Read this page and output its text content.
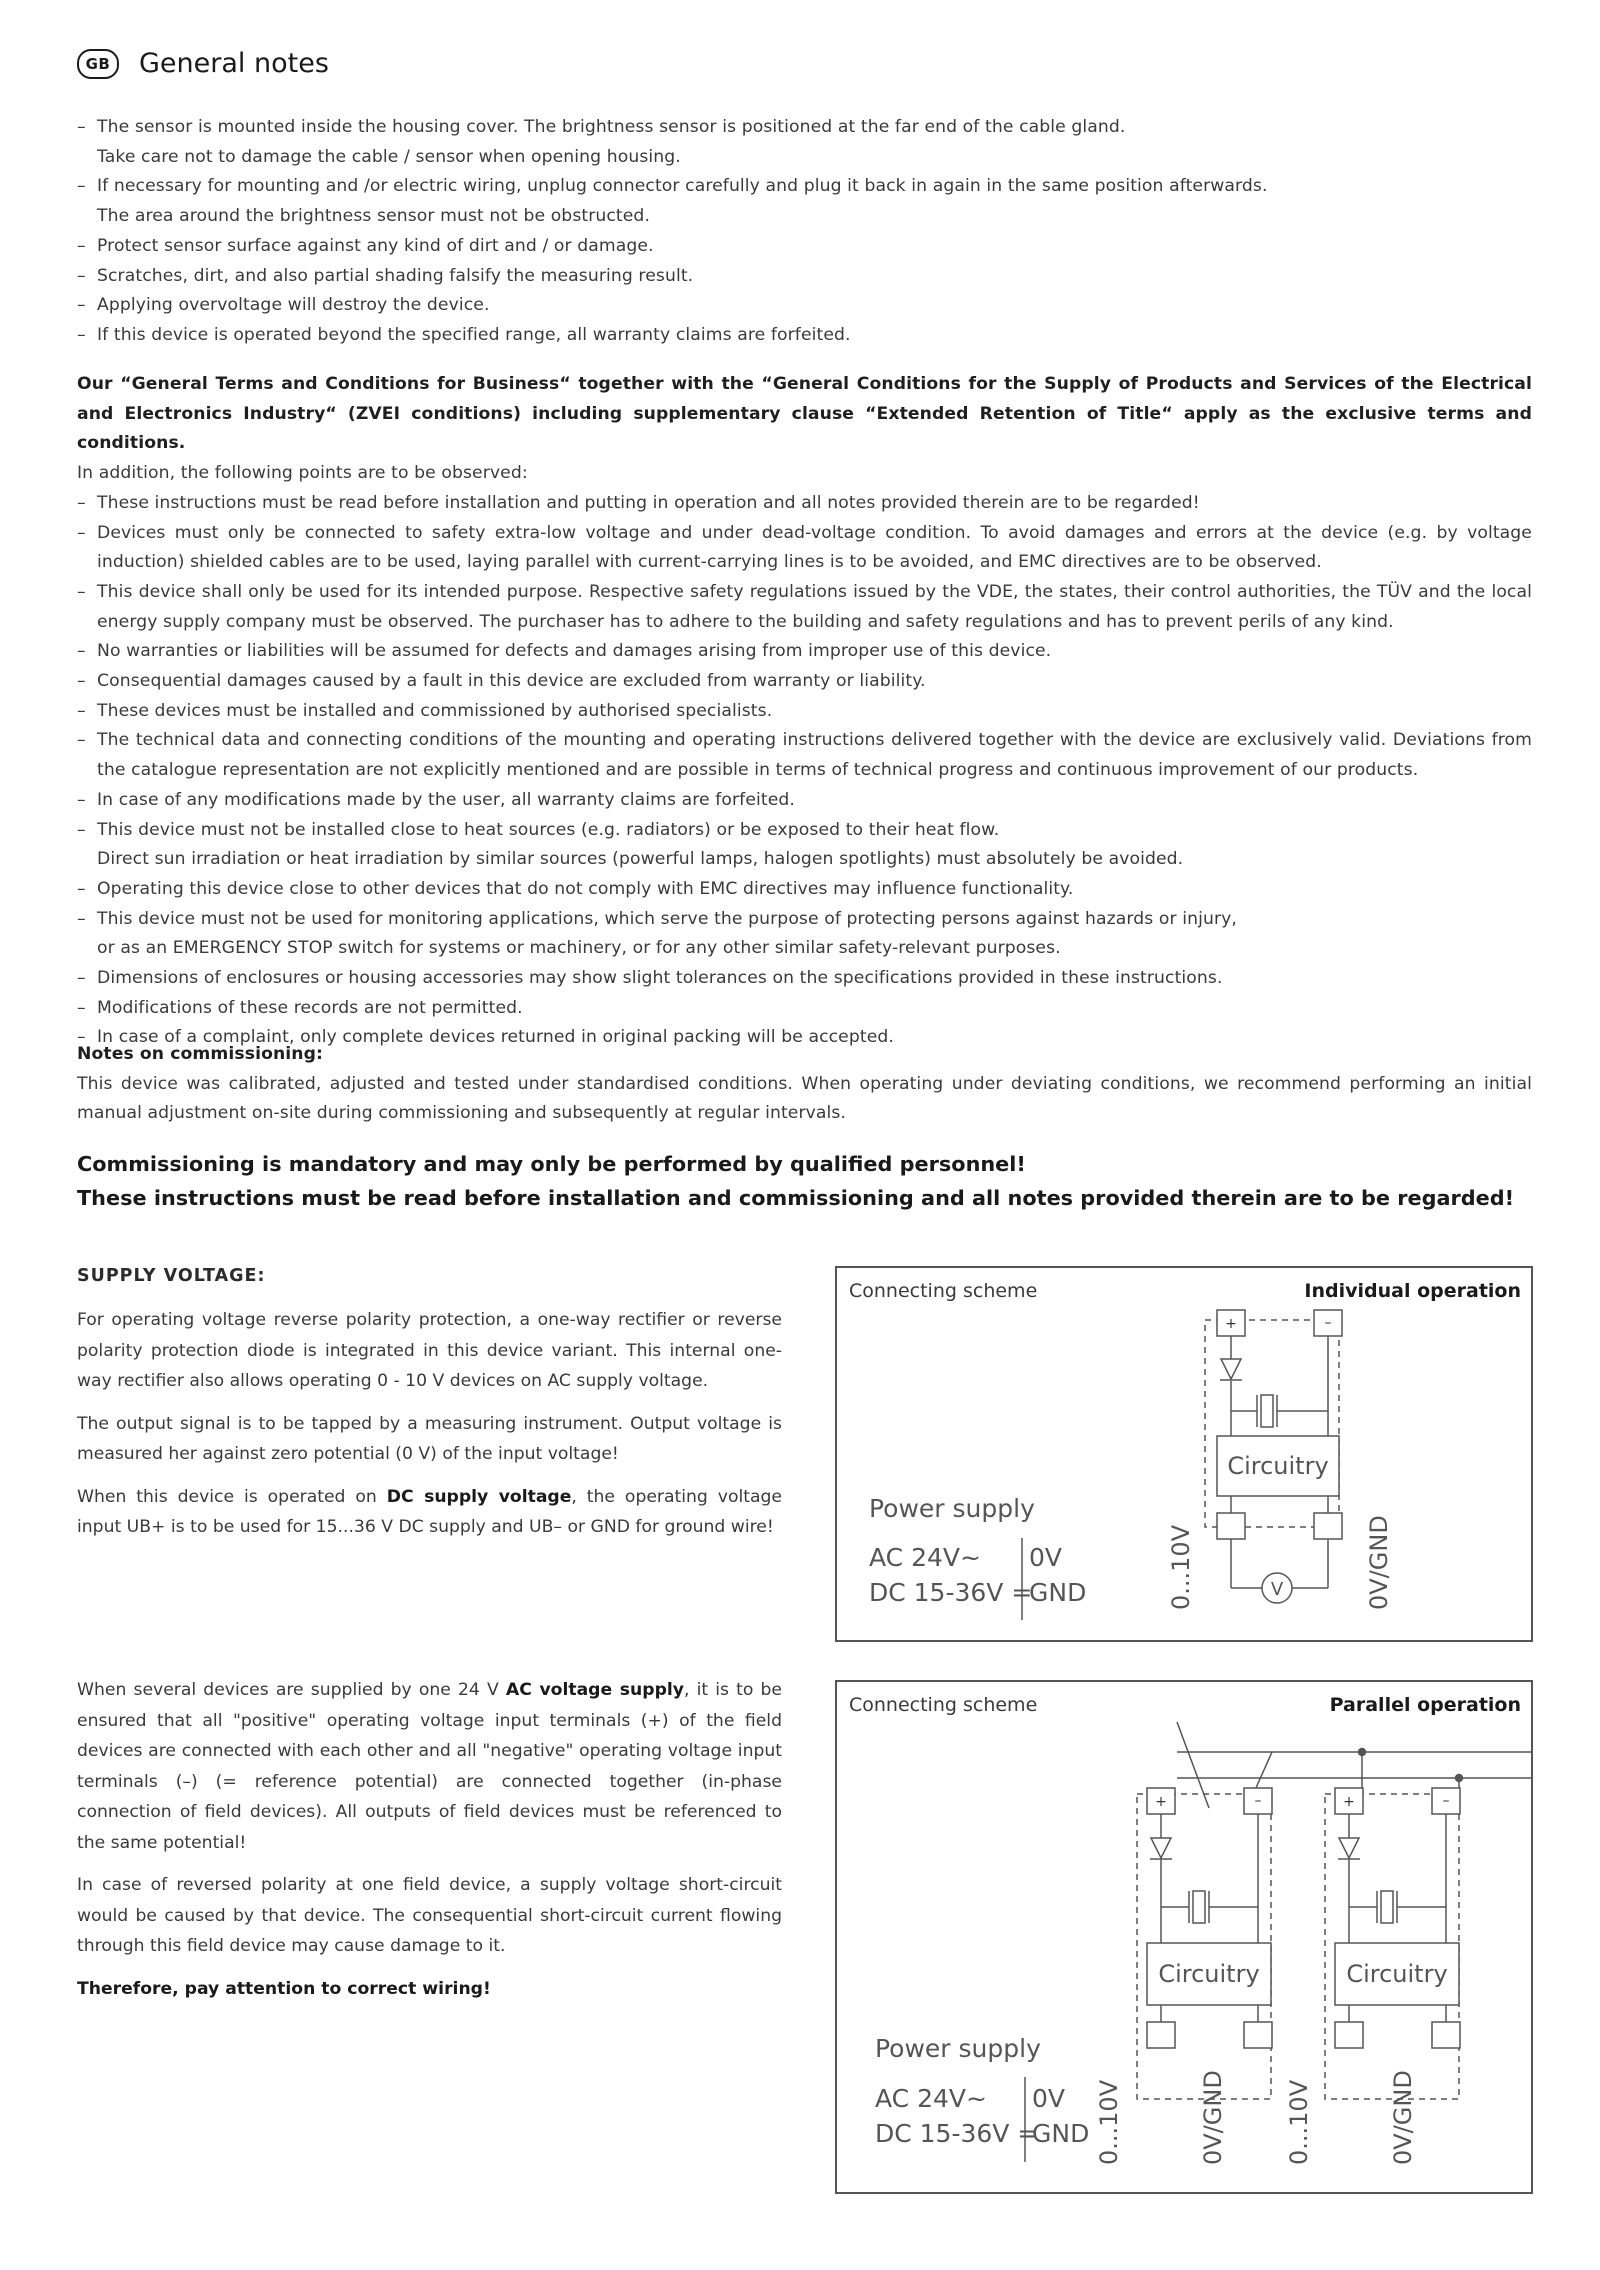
GB	General notes
– The sensor is mounted inside the housing cover. The brightness sensor is positioned at the far end of the cable gland.
Take care not to damage the cable / sensor when opening housing.
– If necessary for mounting and /or electric wiring, unplug connector carefully and plug it back in again in the same position afterwards.
The area around the brightness sensor must not be obstructed.
– Protect sensor surface against any kind of dirt and / or damage.
– Scratches, dirt, and also partial shading falsify the measuring result.
– Applying overvoltage will destroy the device.
– If this device is operated beyond the specified range, all warranty claims are forfeited.
Our “General Terms and Conditions for Business“ together with the “General Conditions for the Supply of Products and Services of the Electrical and Electronics Industry“ (ZVEI conditions) including supplementary clause “Extended Retention of Title“ apply as the exclusive terms and conditions.
In addition, the following points are to be observed:
– These instructions must be read before installation and putting in operation and all notes provided therein are to be regarded!
– Devices must only be connected to safety extra-low voltage and under dead-voltage condition. To avoid damages and errors at the device (e.g. by voltage induction) shielded cables are to be used, laying parallel with current-carrying lines is to be avoided, and EMC directives are to be observed.
– This device shall only be used for its intended purpose. Respective safety regulations issued by the VDE, the states, their control authorities, the TÜV and the local energy supply company must be observed. The purchaser has to adhere to the building and safety regulations and has to prevent perils of any kind.
– No warranties or liabilities will be assumed for defects and damages arising from improper use of this device.
– Consequential damages caused by a fault in this device are excluded from warranty or liability.
– These devices must be installed and commissioned by authorised specialists.
– The technical data and connecting conditions of the mounting and operating instructions delivered together with the device are exclusively valid. Deviations from the catalogue representation are not explicitly mentioned and are possible in terms of technical progress and continuous improvement of our products.
– In case of any modifications made by the user, all warranty claims are forfeited.
– This device must not be installed close to heat sources (e.g. radiators) or be exposed to their heat flow.
Direct sun irradiation or heat irradiation by similar sources (powerful lamps, halogen spotlights) must absolutely be avoided.
– Operating this device close to other devices that do not comply with EMC directives may influence functionality.
– This device must not be used for monitoring applications, which serve the purpose of protecting persons against hazards or injury,
or as an EMERGENCY STOP switch for systems or machinery, or for any other similar safety-relevant purposes.
– Dimensions of enclosures or housing accessories may show slight tolerances on the specifications provided in these instructions.
– Modifications of these records are not permitted.
– In case of a complaint, only complete devices returned in original packing will be accepted.
Notes on commissioning:
This device was calibrated, adjusted and tested under standardised conditions. When operating under deviating conditions, we recommend performing an initial manual adjustment on-site during commissioning and subsequently at regular intervals.
Commissioning is mandatory and may only be performed by qualified personnel!
These instructions must be read before installation and commissioning and all notes provided therein are to be regarded!
SUPPLY VOLTAGE:

For operating voltage reverse polarity protection, a one-way rectifier or reverse polarity protection diode is integrated in this device variant. This internal one-way rectifier also allows operating 0 - 10 V devices on AC supply voltage.

The output signal is to be tapped by a measuring instrument. Output voltage is measured her against zero potential (0 V) of the input voltage!

When this device is operated on DC supply voltage, the operating voltage input UB+ is to be used for 15...36 V DC supply and UB– or GND for ground wire!

When several devices are supplied by one 24 V AC voltage supply, it is to be ensured that all "positive" operating voltage input terminals (+) of the field devices are connected with each other and all "negative" operating voltage input terminals (–) (= reference potential) are connected together (in-phase connection of field devices). All outputs of field devices must be referenced to the same potential!

In case of reversed polarity at one field device, a supply voltage short-circuit would be caused by that device. The consequential short-circuit current flowing through this field device may cause damage to it.

Therefore, pay attention to correct wiring!

Connecting scheme	Individual operation
+	–
Circuitry
V
Power supply
AC 24V~
DC 15-36V =
0V
GND	0...10V	0V/GND
Connecting scheme	Parallel operation
+	–	+	–
Circuitry	Circuitry
Power supply
AC 24V~
DC 15-36V =
0V
GND 0...10V	0V/GND 0...10V	0V/GND
